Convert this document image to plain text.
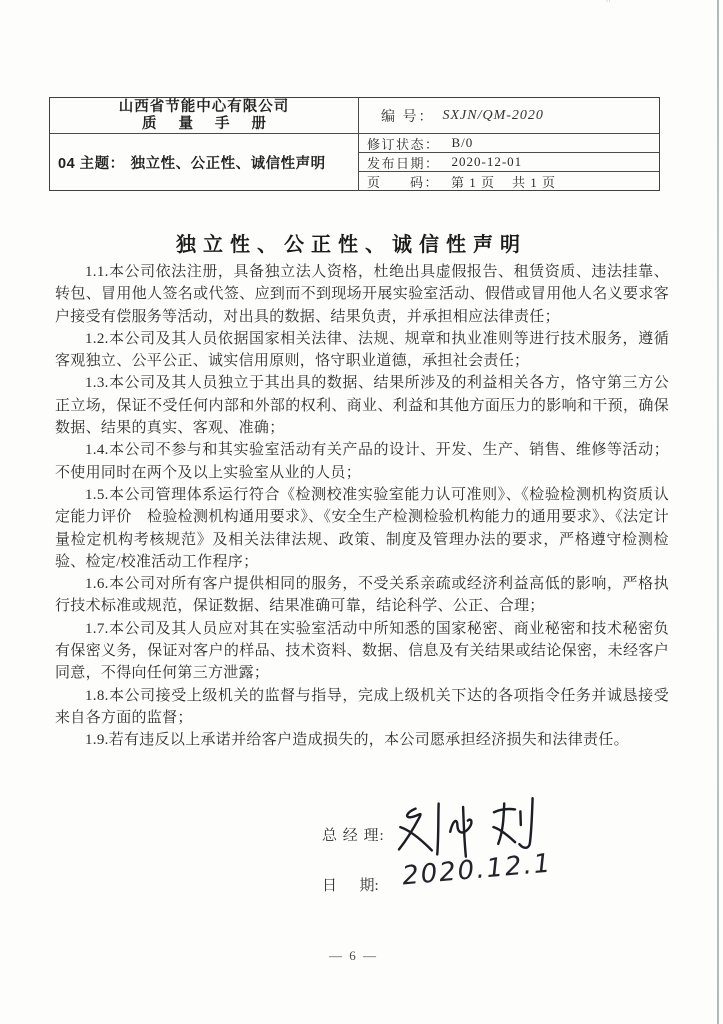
''
山西省节能中心有限公司
质 量 手 册
04 主题： 独立性、公正性、诚信性声明
编 号： SXJN/QM-2020
修订状态： B/0
发布日期： 2020-12-01
页      码： 第 1 页    共 1 页
独立性、公正性、诚信性声明

1.1.本公司依法注册，具备独立法人资格，杜绝出具虚假报告、租赁资质、违法挂靠、转包、冒用他人签名或代签、应到而不到现场开展实验室活动、假借或冒用他人名义要求客户接受有偿服务等活动，对出具的数据、结果负责，并承担相应法律责任；

1.2.本公司及其人员依据国家相关法律、法规、规章和执业准则等进行技术服务，遵循客观独立、公平公正、诚实信用原则，恪守职业道德，承担社会责任；

1.3.本公司及其人员独立于其出具的数据、结果所涉及的利益相关各方，恪守第三方公正立场，保证不受任何内部和外部的权利、商业、利益和其他方面压力的影响和干预，确保数据、结果的真实、客观、准确；

1.4.本公司不参与和其实验室活动有关产品的设计、开发、生产、销售、维修等活动；不使用同时在两个及以上实验室从业的人员；

1.5.本公司管理体系运行符合《检测校准实验室能力认可准则》、《检验检测机构资质认定能力评价　检验检测机构通用要求》、《安全生产检测检验机构能力的通用要求》、《法定计量检定机构考核规范》及相关法律法规、政策、制度及管理办法的要求，严格遵守检测检验、检定/校准活动工作程序；

1.6.本公司对所有客户提供相同的服务，不受关系亲疏或经济利益高低的影响，严格执行技术标准或规范，保证数据、结果准确可靠，结论科学、公正、合理；

1.7.本公司及其人员应对其在实验室活动中所知悉的国家秘密、商业秘密和技术秘密负有保密义务，保证对客户的样品、技术资料、数据、信息及有关结果或结论保密，未经客户同意，不得向任何第三方泄露；

1.8.本公司接受上级机关的监督与指导，完成上级机关下达的各项指令任务并诚恳接受来自各方面的监督；

1.9.若有违反以上承诺并给客户造成损失的，本公司愿承担经济损失和法律责任。

总 经 理:
日      期: 2020.12.1
— 6 —
